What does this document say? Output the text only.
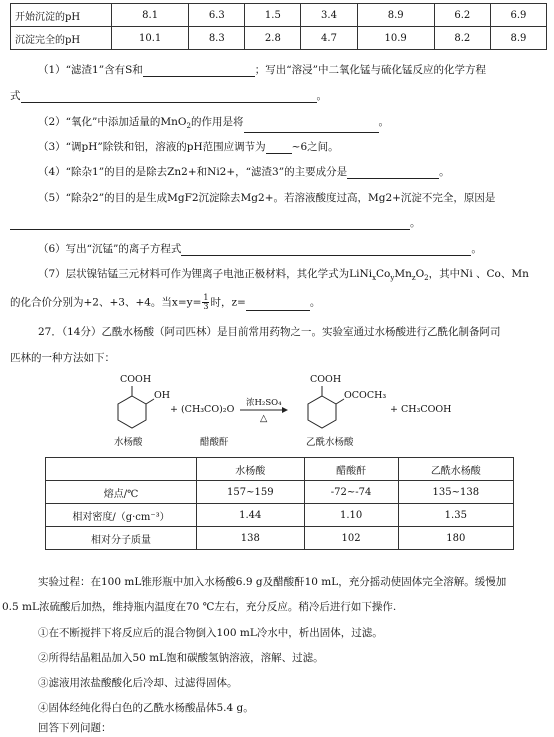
开始沉淀的pH	8.1	6.3	1.5	3.4	8.9	6.2	6.9
沉淀完全的pH	10.1	8.3	2.8	4.7	10.9	8.2	8.9
（1）“滤渣1”含有S和	；写出“溶浸”中二氧化锰与硫化锰反应的化学方程
式	。
（2）“氧化”中添加适量的MnO$_2$的作用是将	。
（3）“调pH”除铁和铝，溶液的pH范围应调节为 ~6之间。
（4）“除杂1”的目的是除去Zn2+和Ni2+，“滤渣3”的主要成分是	。
（5）“除杂2”的目的是生成MgF2沉淀除去Mg2+。若溶液酸度过高，Mg2+沉淀不完全，原因是
。
（6）写出“沉锰”的离子方程式	。
（7）层状镍钴锰三元材料可作为锂离子电池正极材料，其化学式为$LiNi_xCo_yMn_zO_2$，其中Ni 、Co、Mn
的化合价分别为+2、+3、+4。当$x=y= \frac{1}{3}$ 时，z=	。
27．（14分）乙酰水杨酸（阿司匹林）是目前常用药物之一。实验室通过水杨酸进行乙酰化制备阿司
匹林的一种方法如下：
COOH
OH
+ (CH₃CO)₂O
浓H₂SO₄
△
COOH
OCOCH₃
+ CH₃COOH
水杨酸	醋酸酐	乙酰水杨酸
	水杨酸	醋酸酐	乙酰水杨酸
熔点/℃	157~159	-72~-74	135~138
相对密度/（g·cm⁻³）	1.44	1.10	1.35
相对分子质量	138	102	180
实验过程：在100 mL锥形瓶中加入水杨酸6.9 g及醋酸酐10 mL，充分摇动使固体完全溶解。缓慢加
0.5 mL浓硫酸后加热，维持瓶内温度在70 ℃左右，充分反应。稍冷后进行如下操作.
①在不断搅拌下将反应后的混合物倒入100 mL冷水中，析出固体，过滤。
②所得结晶粗品加入50 mL饱和碳酸氢钠溶液，溶解、过滤。
③滤液用浓盐酸酸化后冷却、过滤得固体。
④固体经纯化得白色的乙酰水杨酸晶体5.4 g。
回答下列问题：
